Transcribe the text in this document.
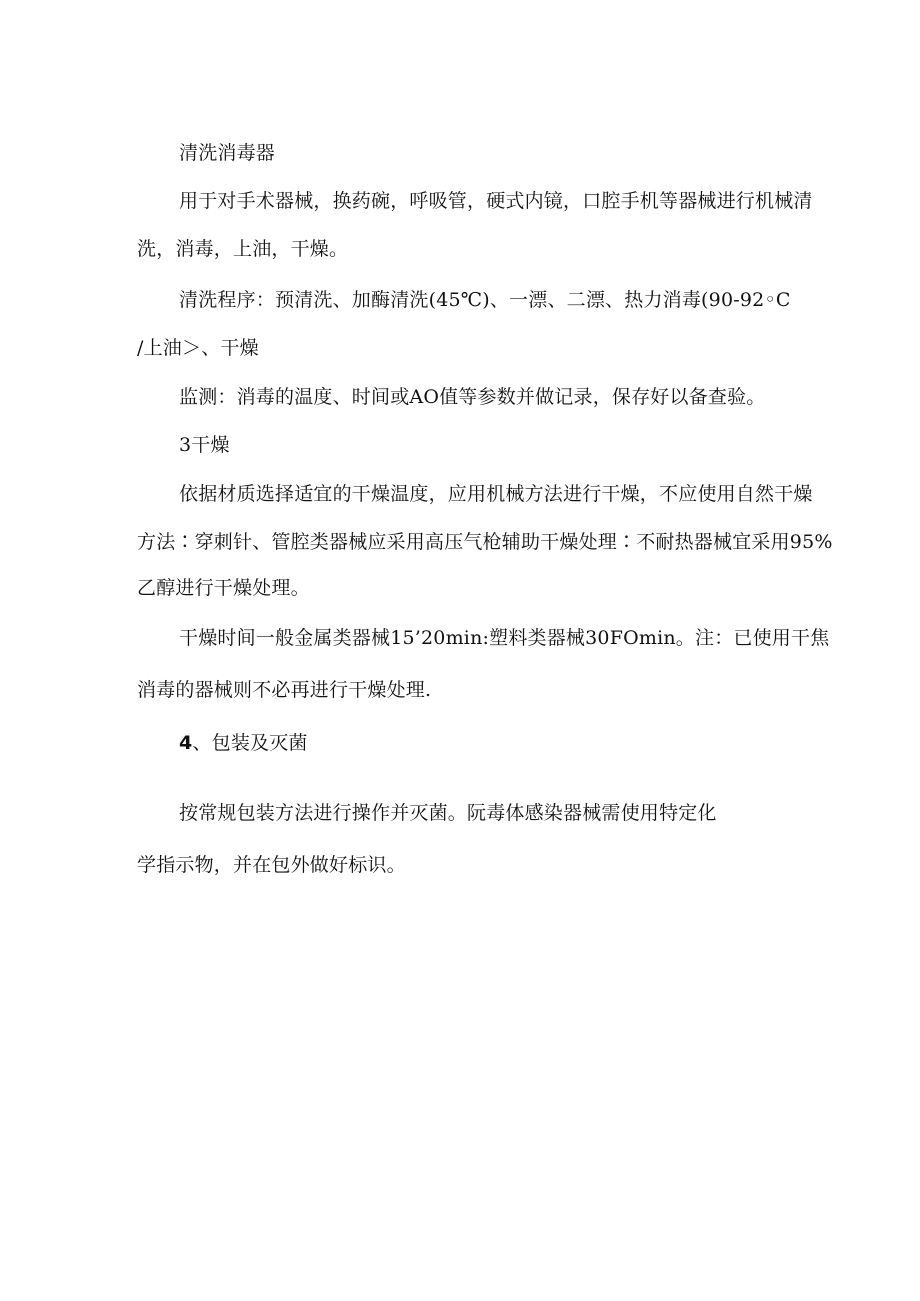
清洗消毒器
用于对手术器械，换药碗，呼吸管，硬式内镜，口腔手机等器械进行机械清
洗，消毒，上油，干燥。
清洗程序：预清洗、加酶清洗(45℃)、一漂、二漂、热力消毒(90-92◦C
/上油＞、干燥
监测：消毒的温度、时间或AO值等参数并做记录，保存好以备查验。
3干燥
依据材质选择适宜的干燥温度，应用机械方法进行干燥，不应使用自然干燥
方法∶穿刺针、管腔类器械应采用高压气枪辅助干燥处理∶不耐热器械宜采用95%
乙醇进行干燥处理。
干燥时间一般金属类器械15’20min:塑料类器械30FOmin。注：已使用干焦
消毒的器械则不必再进行干燥处理.
4、包装及灭菌
按常规包装方法进行操作并灭菌。阮毒体感染器械需使用特定化
学指示物，并在包外做好标识。
